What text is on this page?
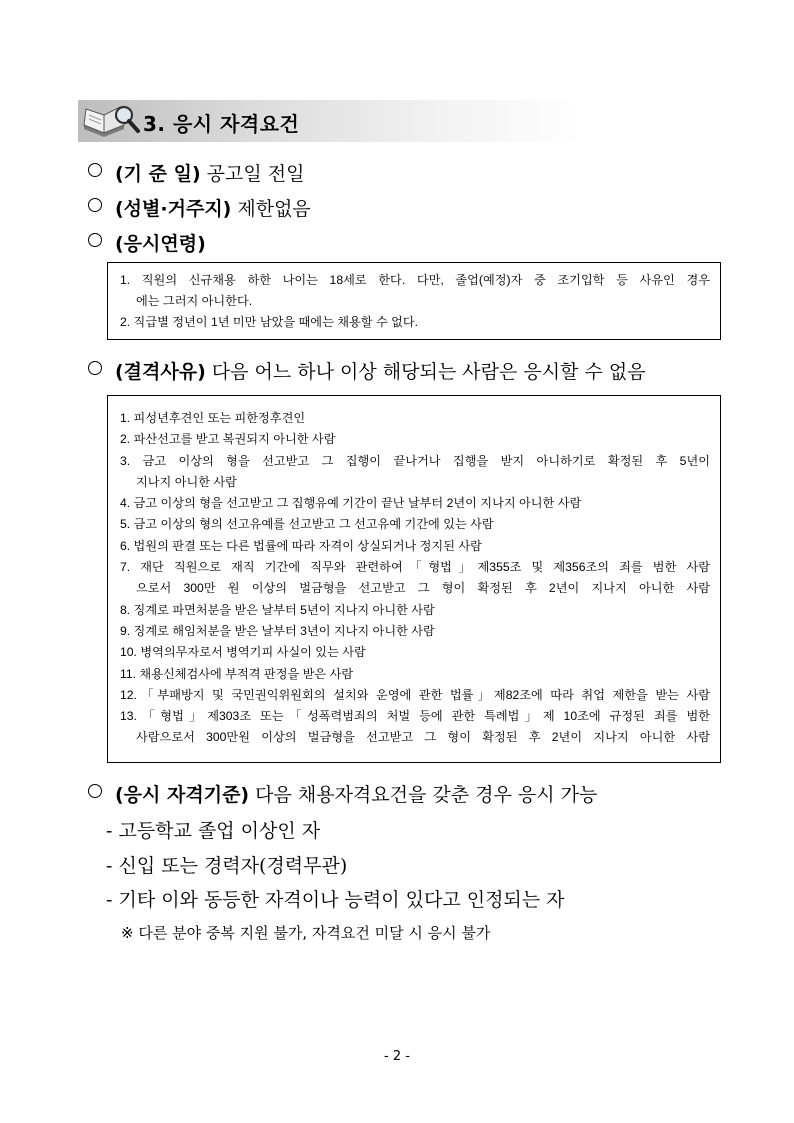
3. 응시 자격요건
(기 준 일) 공고일 전일
(성별·거주지) 제한없음
(응시연령)
1. 직원의 신규채용 하한 나이는 18세로 한다. 다만, 졸업(예정)자 중 조기입학 등 사유인 경우
에는 그러지 아니한다.
2. 직급별 정년이 1년 미만 남았을 때에는 채용할 수 없다.
(결격사유) 다음 어느 하나 이상 해당되는 사람은 응시할 수 없음
1. 피성년후견인 또는 피한정후견인
2. 파산선고를 받고 복권되지 아니한 사람
3. 금고 이상의 형을 선고받고 그 집행이 끝나거나 집행을 받지 아니하기로 확정된 후 5년이
지나지 아니한 사람
4. 금고 이상의 형을 선고받고 그 집행유예 기간이 끝난 날부터 2년이 지나지 아니한 사람
5. 금고 이상의 형의 선고유예를 선고받고 그 선고유예 기간에 있는 사람
6. 법원의 판결 또는 다른 법률에 따라 자격이 상실되거나 정지된 사람
7. 재단 직원으로 재직 기간에 직무와 관련하여「형법」제355조 및 제356조의 죄를 범한 사람
으로서 300만 원 이상의 벌금형을 선고받고 그 형이 확정된 후 2년이 지나지 아니한 사람
8. 징계로 파면처분을 받은 날부터 5년이 지나지 아니한 사람
9. 징계로 해임처분을 받은 날부터 3년이 지나지 아니한 사람
10. 병역의무자로서 병역기피 사실이 있는 사람
11. 채용신체검사에 부적격 판정을 받은 사람
12.「부패방지 및 국민권익위원회의 설치와 운영에 관한 법률」제82조에 따라 취업 제한을 받는 사람
13.「형법」제303조 또는「성폭력범죄의 처벌 등에 관한 특례법」제 10조에 규정된 죄를 범한
사람으로서 300만원 이상의 벌금형을 선고받고 그 형이 확정된 후 2년이 지나지 아니한 사람
(응시 자격기준) 다음 채용자격요건을 갖춘 경우 응시 가능
- 고등학교 졸업 이상인 자
- 신입 또는 경력자(경력무관)
- 기타 이와 동등한 자격이나 능력이 있다고 인정되는 자
※ 다른 분야 중복 지원 불가, 자격요건 미달 시 응시 불가
- 2 -
